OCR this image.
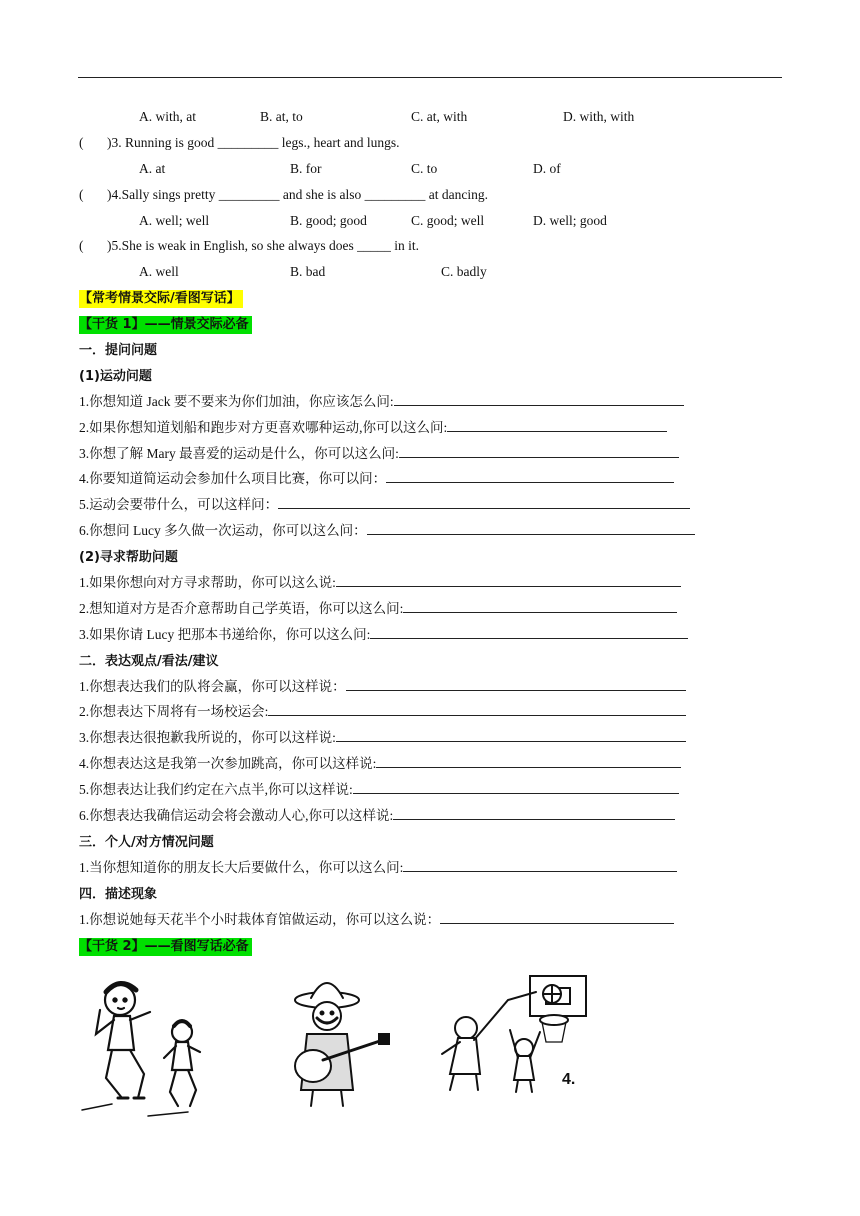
A. with, at	B. at, to	C. at, with	D. with, with
( )3. Running is good _________ legs., heart and lungs.
A. at	B. for	C. to	D. of
( )4.Sally sings pretty _________ and she is also _________ at dancing.
A. well; well	B. good; good	C. good; well	D. well; good
( )5.She is weak in English, so she always does _____ in it.
A. well	B. bad	C. badly
【常考情景交际/看图写话】
【干货 1】——情景交际必备
一．提问问题
(1)运动问题
1.你想知道 Jack 要不要来为你们加油，你应该怎么问:
2.如果你想知道划船和跑步对方更喜欢哪种运动,你可以这么问:
3.你想了解 Mary 最喜爱的运动是什么，你可以这么问:
4.你要知道简运动会参加什么项目比赛，你可以问：
5.运动会要带什么，可以这样问：
6.你想问 Lucy 多久做一次运动，你可以这么问：
(2)寻求帮助问题
1.如果你想向对方寻求帮助，你可以这么说:
2.想知道对方是否介意帮助自己学英语，你可以这么问:
3.如果你请 Lucy 把那本书递给你，你可以这么问:
二．表达观点/看法/建议
1.你想表达我们的队将会赢，你可以这样说：
2.你想表达下周将有一场校运会:
3.你想表达很抱歉我所说的，你可以这样说:
4.你想表达这是我第一次参加跳高，你可以这样说:
5.你想表达让我们约定在六点半,你可以这样说:
6.你想表达我确信运动会将会激动人心,你可以这样说:
三．个人/对方情况问题
1.当你想知道你的朋友长大后要做什么，你可以这么问:
四．描述现象
1.你想说她每天花半个小时栽体育馆做运动，你可以这么说：
【干货 2】——看图写话必备
4.
